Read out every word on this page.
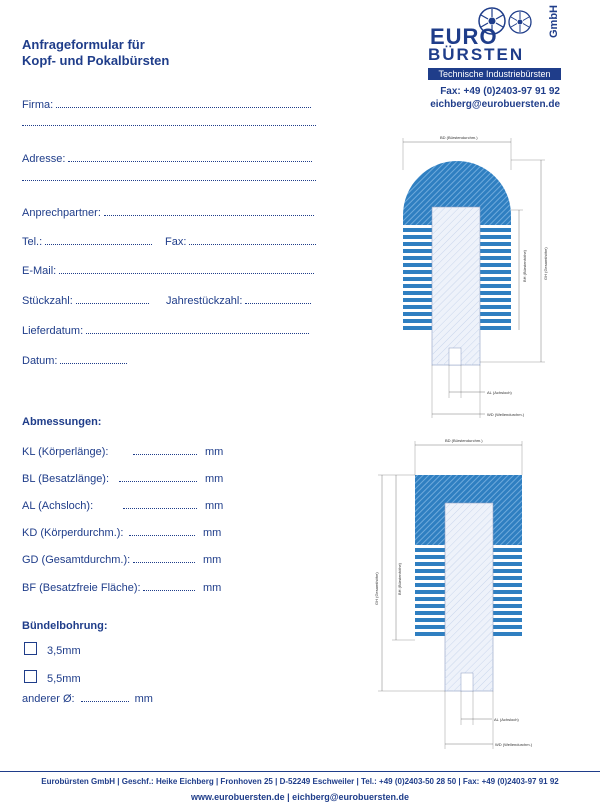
Anfrageformular für
Kopf- und Pokalbürsten
EURO
BÜRSTEN
GmbH
Technische Industriebürsten
Fax: +49 (0)2403-97 91 92
eichberg@eurobuersten.de
Firma:
Adresse:
Anprechpartner:
Tel.:	Fax:
E-Mail:
Stückzahl:	Jahrestückzahl:
Lieferdatum:
Datum:
Abmessungen:
KL (Körperlänge):	mm
BL (Besatzlänge):	mm
AL (Achsloch):	mm
KD (Körperdurchm.):	mm
GD (Gesamtdurchm.):	mm
BF (Besatzfreie Fläche):	mm
Bündelbohrung:
3,5mm
5,5mm
anderer Ø:	mm
BD (Bürstendurchm.)
BH (Bürstenhöhe)	GH (Gesamthöhe)
AL (Achsloch)
WD (Wellendurchm.)
BD (Bürstendurchm.)
GH (Gesamthöhe)	BH (Bürstenhöhe)
AL (Achsloch)
WD (Wellendurchm.)
Eurobürsten GmbH | Geschf.: Heike Eichberg | Fronhoven 25 | D-52249 Eschweiler | Tel.: +49 (0)2403-50 28 50 | Fax: +49 (0)2403-97 91 92
www.eurobuersten.de | eichberg@eurobuersten.de
